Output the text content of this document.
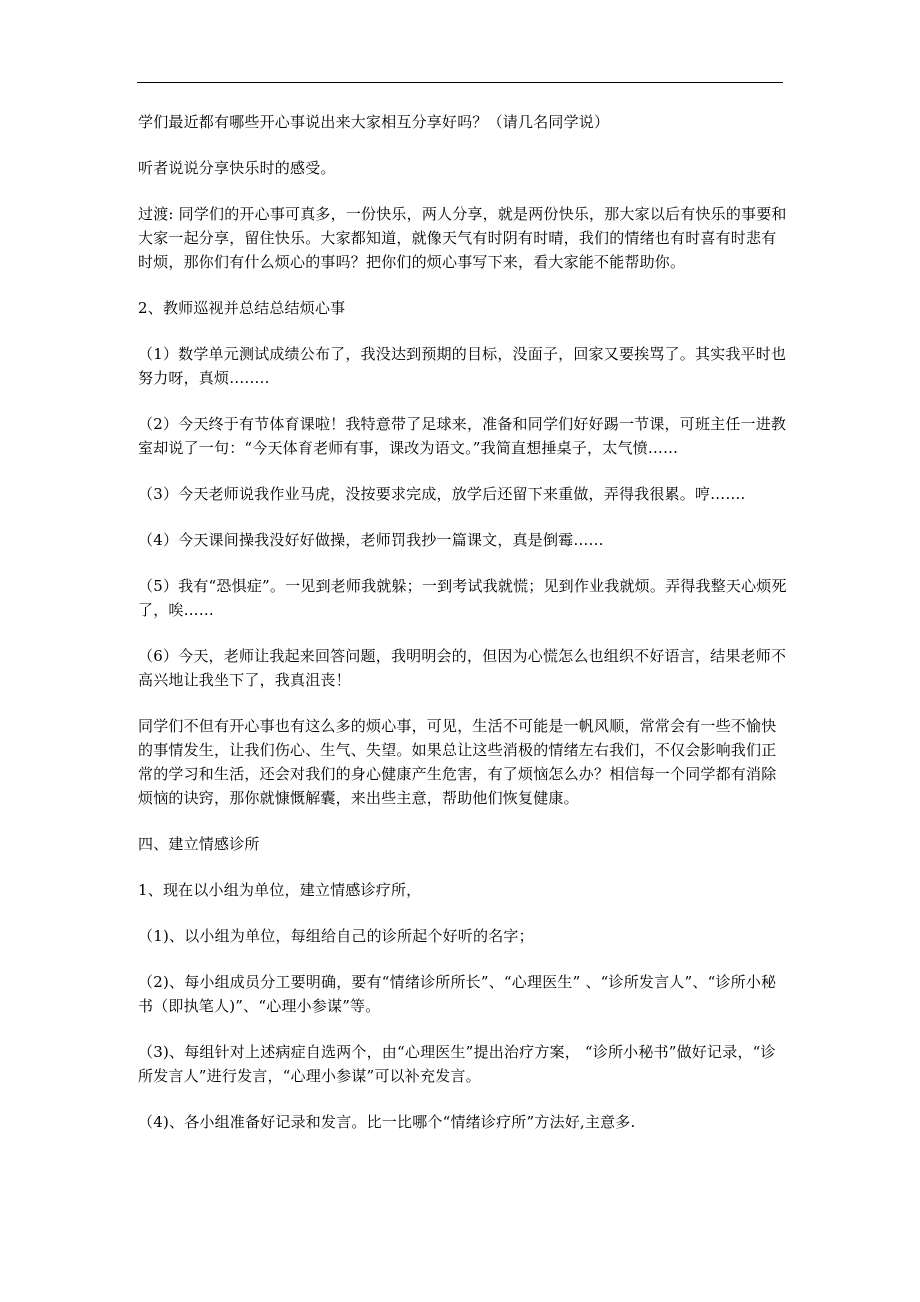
学们最近都有哪些开心事说出来大家相互分享好吗？（请几名同学说）

听者说说分享快乐时的感受。

过渡: 同学们的开心事可真多，一份快乐，两人分享，就是两份快乐，那大家以后有快乐的事要和大家一起分享，留住快乐。大家都知道，就像天气有时阴有时晴，我们的情绪也有时喜有时悲有时烦，那你们有什么烦心的事吗？把你们的烦心事写下来，看大家能不能帮助你。

2、教师巡视并总结总结烦心事

（1）数学单元测试成绩公布了，我没达到预期的目标，没面子，回家又要挨骂了。其实我平时也努力呀，真烦……..

（2）今天终于有节体育课啦！我特意带了足球来，准备和同学们好好踢一节课，可班主任一进教室却说了一句：“今天体育老师有事，课改为语文。”我简直想捶桌子，太气愤……

（3）今天老师说我作业马虎，没按要求完成，放学后还留下来重做，弄得我很累。哼…….

（4）今天课间操我没好好做操，老师罚我抄一篇课文，真是倒霉……

（5）我有“恐惧症”。一见到老师我就躲；一到考试我就慌；见到作业我就烦。弄得我整天心烦死了，唉……

（6）今天，老师让我起来回答问题，我明明会的，但因为心慌怎么也组织不好语言，结果老师不高兴地让我坐下了，我真沮丧！

同学们不但有开心事也有这么多的烦心事，可见，生活不可能是一帆风顺，常常会有一些不愉快的事情发生，让我们伤心、生气、失望。如果总让这些消极的情绪左右我们，不仅会影响我们正常的学习和生活，还会对我们的身心健康产生危害，有了烦恼怎么办？相信每一个同学都有消除烦恼的诀窍，那你就慷慨解囊，来出些主意，帮助他们恢复健康。

四、建立情感诊所

1、现在以小组为单位，建立情感诊疗所，

（1)、以小组为单位，每组给自己的诊所起个好听的名字；

（2)、每小组成员分工要明确，要有“情绪诊所所长”、“心理医生” 、“诊所发言人”、“诊所小秘书（即执笔人)”、“心理小参谋”等。

（3)、每组针对上述病症自选两个，由“心理医生”提出治疗方案， “诊所小秘书”做好记录，“诊所发言人”进行发言，“心理小参谋”可以补充发言。

（4)、各小组准备好记录和发言。比一比哪个“情绪诊疗所”方法好,主意多.
